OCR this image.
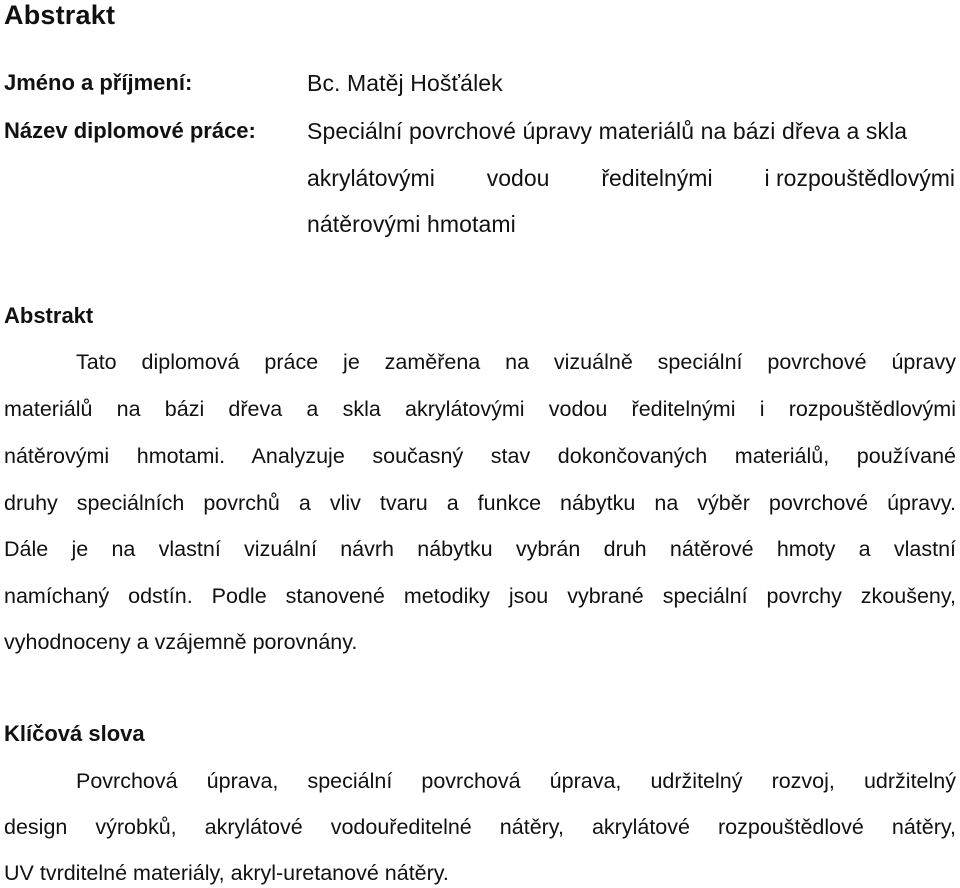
Abstrakt
Jméno a příjmení:	Bc. Matěj Hošťálek
Název diplomové práce: Speciální povrchové úpravy materiálů na bázi dřeva a skla
akrylátovými vodou ředitelnými i rozpouštědlovými
nátěrovými hmotami
Abstrakt
Tato diplomová práce je zaměřena na vizuálně speciální povrchové úpravy
materiálů na bázi dřeva a skla akrylátovými vodou ředitelnými i rozpouštědlovými
nátěrovými hmotami. Analyzuje současný stav dokončovaných materiálů, používané
druhy speciálních povrchů a vliv tvaru a funkce nábytku na výběr povrchové úpravy.
Dále je na vlastní vizuální návrh nábytku vybrán druh nátěrové hmoty a vlastní
namíchaný odstín. Podle stanovené metodiky jsou vybrané speciální povrchy zkoušeny,
vyhodnoceny a vzájemně porovnány.
Klíčová slova
Povrchová úprava, speciální povrchová úprava, udržitelný rozvoj, udržitelný
design výrobků, akrylátové vodouředitelné nátěry, akrylátové rozpouštědlové nátěry,
UV tvrditelné materiály, akryl-uretanové nátěry.
